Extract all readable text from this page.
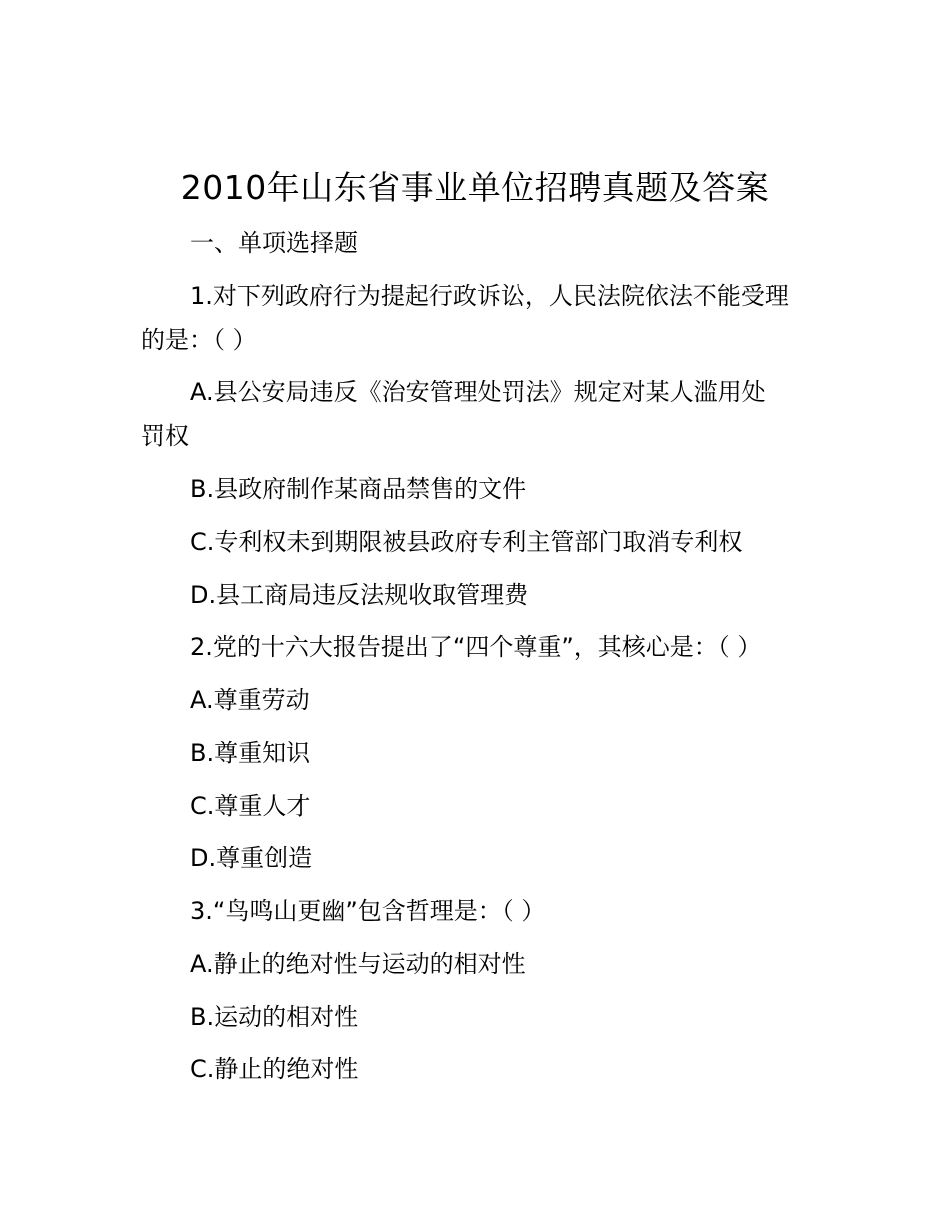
2010年山东省事业单位招聘真题及答案

一、单项选择题

1.对下列政府行为提起行政诉讼，人民法院依法不能受理

的是：（ ）

A.县公安局违反《治安管理处罚法》规定对某人滥用处

罚权

B.县政府制作某商品禁售的文件

C.专利权未到期限被县政府专利主管部门取消专利权

D.县工商局违反法规收取管理费

2.党的十六大报告提出了“四个尊重”，其核心是：（ ）

A.尊重劳动

B.尊重知识

C.尊重人才

D.尊重创造

3.“鸟鸣山更幽”包含哲理是：（ ）

A.静止的绝对性与运动的相对性

B.运动的相对性

C.静止的绝对性
